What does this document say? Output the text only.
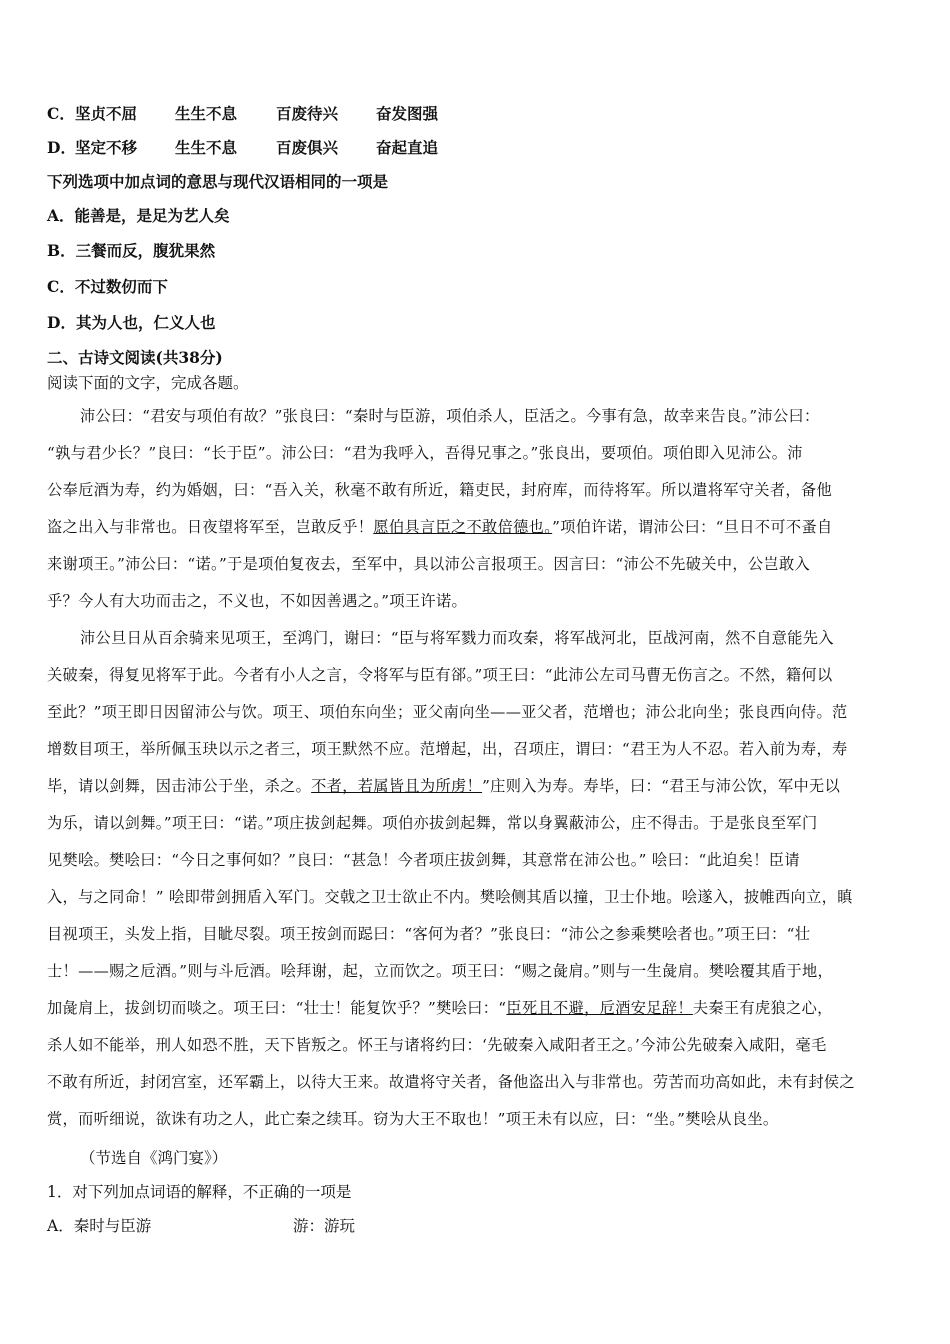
C． 坚贞不屈 生生不息	百废待兴 奋发图强
D． 坚定不移 生生不息	百废俱兴 奋起直追
下列选项中加点词的意思与现代汉语相同的一项是
A．能善是，是足为艺人矣
B．三餐而反，腹犹果然
C．不过数仞而下
D．其为人也，仁义人也
二、古诗文阅读(共38分)
阅读下面的文字，完成各题。
沛公曰：“君安与项伯有故？”张良曰：“秦时与臣游，项伯杀人，臣活之。今事有急，故幸来告良。”沛公曰：
“孰与君少长？”良曰：“长于臣”。沛公曰：“君为我呼入，吾得兄事之。”张良出，要项伯。项伯即入见沛公。沛
公奉卮酒为寿，约为婚姻，曰：“吾入关，秋毫不敢有所近，籍吏民，封府库，而待将军。所以遣将军守关者，备他
盗之出入与非常也。日夜望将军至，岂敢反乎！愿伯具言臣之不敢倍德也。”项伯许诺，谓沛公曰：“旦日不可不蚤自
来谢项王。”沛公曰：“诺。”于是项伯复夜去，至军中，具以沛公言报项王。因言曰：“沛公不先破关中，公岂敢入
乎？今人有大功而击之，不义也，不如因善遇之。”项王许诺。
沛公旦日从百余骑来见项王，至鸿门，谢曰：“臣与将军戮力而攻秦，将军战河北，臣战河南，然不自意能先入
关破秦，得复见将军于此。今者有小人之言，令将军与臣有郤。”项王曰：“此沛公左司马曹无伤言之。不然，籍何以
至此？”项王即日因留沛公与饮。项王、项伯东向坐；亚父南向坐——亚父者，范增也；沛公北向坐；张良西向侍。范
增数目项王，举所佩玉玦以示之者三，项王默然不应。范增起，出，召项庄，谓曰：“君王为人不忍。若入前为寿，寿
毕，请以剑舞，因击沛公于坐，杀之。不者，若属皆且为所虏！”庄则入为寿。寿毕，曰：“君王与沛公饮，军中无以
为乐，请以剑舞。”项王曰：“诺。”项庄拔剑起舞。项伯亦拔剑起舞，常以身翼蔽沛公，庄不得击。于是张良至军门
见樊哙。樊哙曰：“今日之事何如？”良曰：“甚急！今者项庄拔剑舞，其意常在沛公也。” 哙曰：“此迫矣！臣请
入，与之同命！” 哙即带剑拥盾入军门。交戟之卫士欲止不内。樊哙侧其盾以撞，卫士仆地。哙遂入，披帷西向立，瞋
目视项王，头发上指，目眦尽裂。项王按剑而跽曰：“客何为者？”张良曰：“沛公之参乘樊哙者也。”项王曰：“壮
士！——赐之卮酒。”则与斗卮酒。哙拜谢，起，立而饮之。项王曰：“赐之彘肩。”则与一生彘肩。樊哙覆其盾于地，
加彘肩上，拔剑切而啖之。项王曰：“壮士！能复饮乎？”樊哙曰：“臣死且不避，卮酒安足辞！夫秦王有虎狼之心，
杀人如不能举，刑人如恐不胜，天下皆叛之。怀王与诸将约曰：‘先破秦入咸阳者王之。’今沛公先破秦入咸阳，毫毛
不敢有所近，封闭宫室，还军霸上，以待大王来。故遣将守关者，备他盗出入与非常也。劳苦而功高如此，未有封侯之
赏，而听细说，欲诛有功之人，此亡秦之续耳。窃为大王不取也！”项王未有以应，曰：“坐。”樊哙从良坐。
（节选自《鸿门宴》）
1．对下列加点词语的解释，不正确的一项是
A．秦时与臣游	游：游玩
